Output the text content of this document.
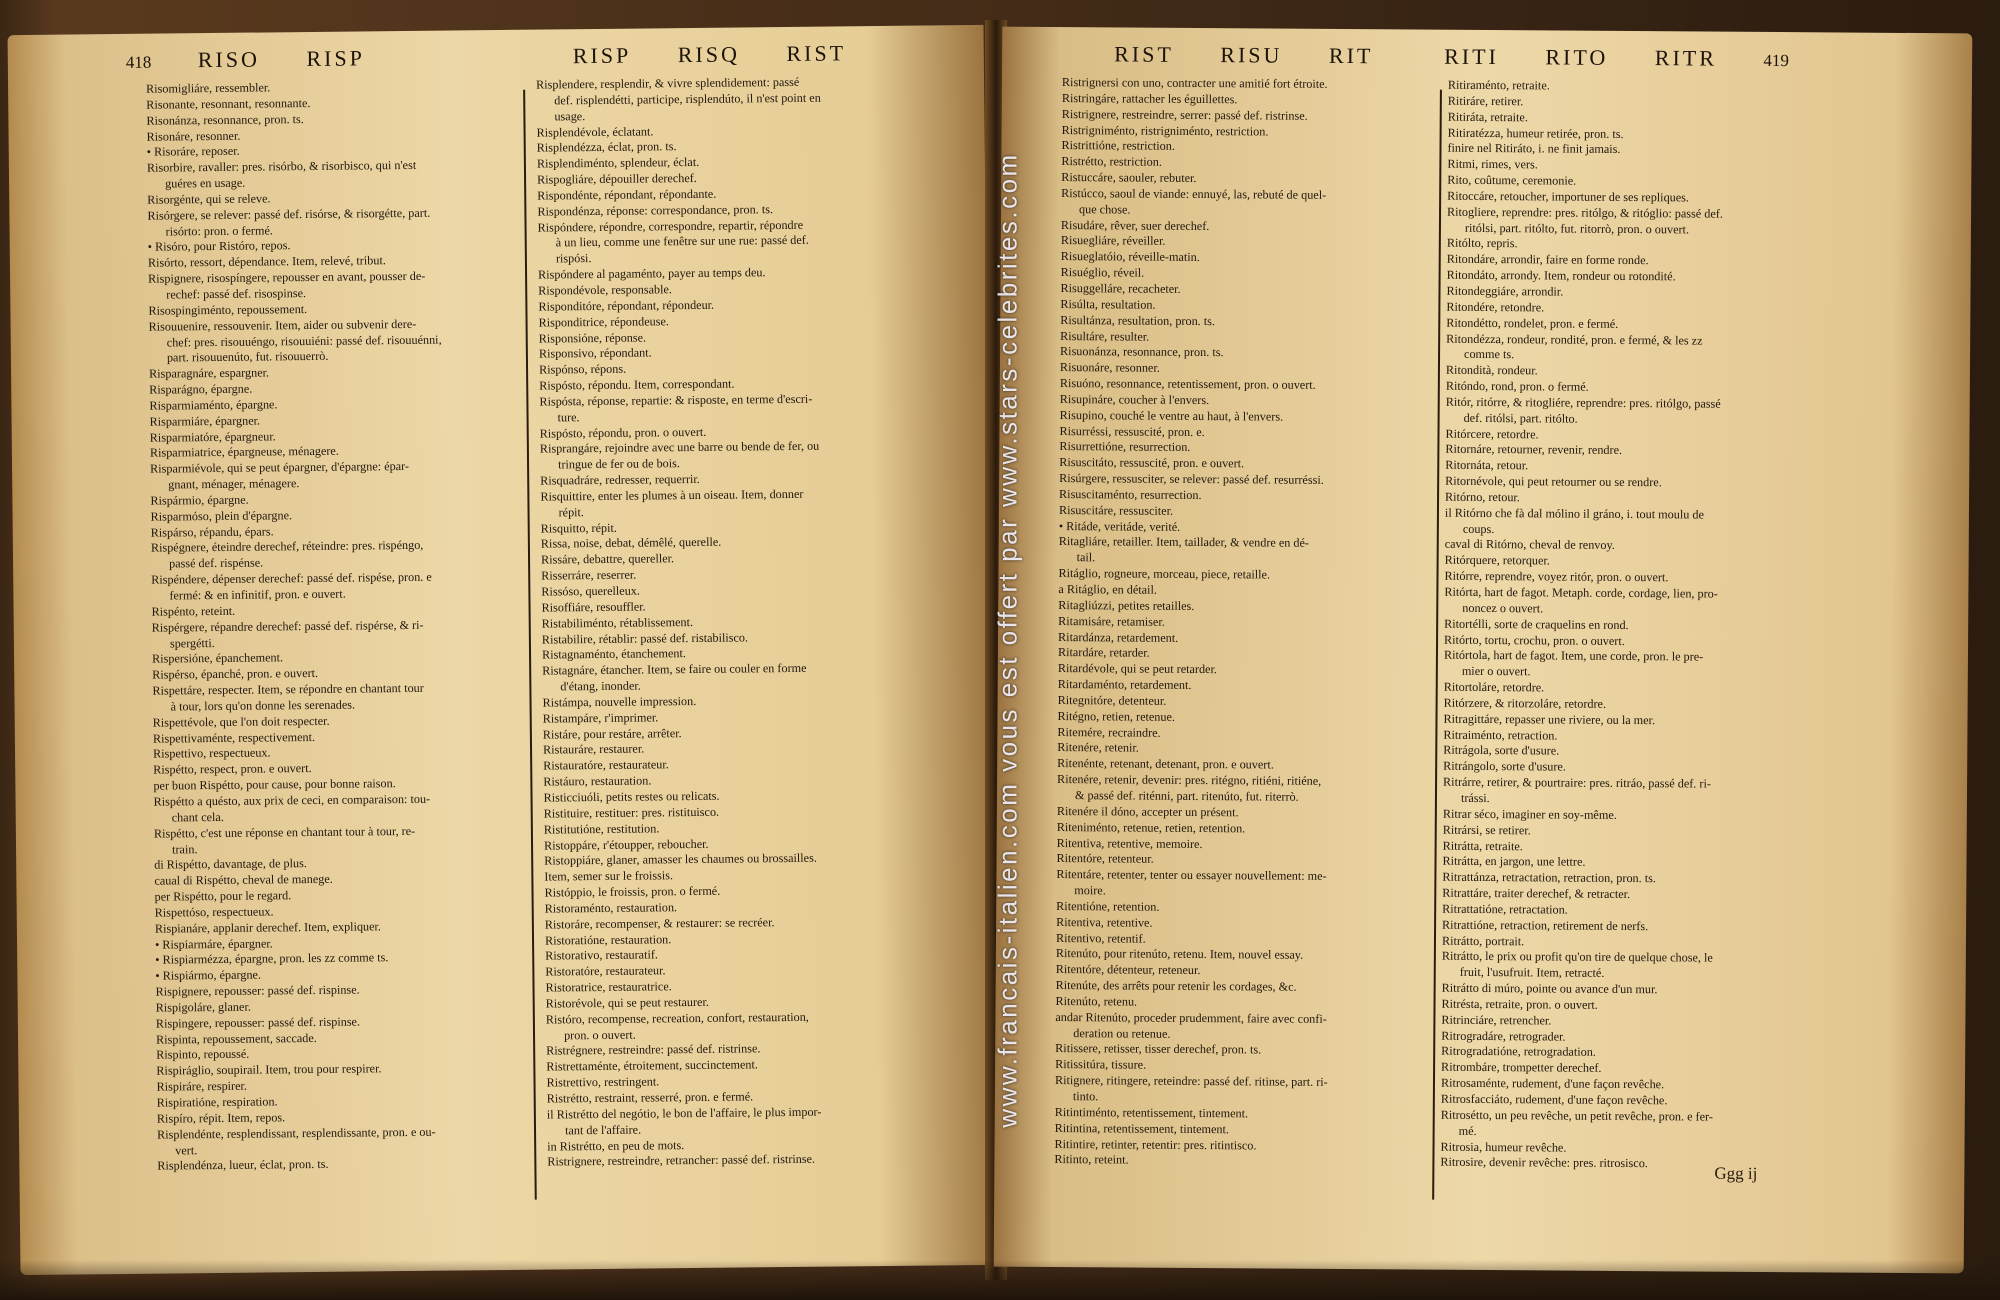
418 RISO RISP	RISP RISQ RIST
Risomigliáre, ressembler.
Risonante, resonnant, resonnante.
Risonánza, resonnance, pron. ts.
Risonáre, resonner.
• Risoráre, reposer.
Risorbire, ravaller: pres. risórbo, & risorbisco, qui n'est
guéres en usage.
Risorgénte, qui se releve.
Risórgere, se relever: passé def. risórse, & risorgétte, part.
risórto: pron. o fermé.
• Risóro, pour Ristóro, repos.
Risórto, ressort, dépendance. Item, relevé, tribut.
Rispignere, risospíngere, repousser en avant, pousser de-
rechef: passé def. risospinse.
Risospingiménto, repoussement.
Risouuenire, ressouvenir. Item, aider ou subvenir dere-
chef: pres. risouuéngo, risouuiéni: passé def. risouuénni,
part. risouuenúto, fut. risouuerrò.
Risparagnáre, espargner.
Risparágno, épargne.
Risparmiaménto, épargne.
Risparmiáre, épargner.
Risparmiatóre, épargneur.
Risparmiatrice, épargneuse, ménagere.
Risparmiévole, qui se peut épargner, d'épargne: épar-
gnant, ménager, ménagere.
Rispármio, épargne.
Risparmóso, plein d'épargne.
Rispárso, répandu, épars.
Rispégnere, éteindre derechef, réteindre: pres. rispéngo,
passé def. rispénse.
Rispéndere, dépenser derechef: passé def. rispése, pron. e
fermé: & en infinitif, pron. e ouvert.
Rispénto, reteint.
Rispérgere, répandre derechef: passé def. rispérse, & ri-
spergétti.
Rispersióne, épanchement.
Rispérso, épanché, pron. e ouvert.
Rispettáre, respecter. Item, se répondre en chantant tour
à tour, lors qu'on donne les serenades.
Rispettévole, que l'on doit respecter.
Rispettivaménte, respectivement.
Rispettivo, respectueux.
Rispétto, respect, pron. e ouvert.
per buon Rispétto, pour cause, pour bonne raison.
Rispétto a quésto, aux prix de ceci, en comparaison: tou-
chant cela.
Rispétto, c'est une réponse en chantant tour à tour, re-
train.
di Rispétto, davantage, de plus.
caual di Rispétto, cheval de manege.
per Rispétto, pour le regard.
Rispettóso, respectueux.
Rispianáre, applanir derechef. Item, expliquer.
• Rispiarmáre, épargner.
• Rispiarmézza, épargne, pron. les zz comme ts.
• Rispiármo, épargne.
Rispignere, repousser: passé def. rispinse.
Rispigoláre, glaner.
Rispingere, repousser: passé def. rispinse.
Rispinta, repoussement, saccade.
Rispinto, repoussé.
Rispiráglio, soupirail. Item, trou pour respirer.
Rispiráre, respirer.
Rispiratióne, respiration.
Rispíro, répit. Item, repos.
Risplendénte, resplendissant, resplendissante, pron. e ou-
vert.
Risplendénza, lueur, éclat, pron. ts.
Risplendere, resplendir, & vivre splendidement: passé
def. risplendétti, participe, risplendúto, il n'est point en
usage.
Risplendévole, éclatant.
Risplendézza, éclat, pron. ts.
Risplendiménto, splendeur, éclat.
Rispogliáre, dépouiller derechef.
Rispondénte, répondant, répondante.
Rispondénza, réponse: correspondance, pron. ts.
Rispóndere, répondre, correspondre, repartir, répondre
à un lieu, comme une fenêtre sur une rue: passé def.
rispósi.
Rispóndere al pagaménto, payer au temps deu.
Rispondévole, responsable.
Risponditóre, répondant, répondeur.
Risponditrice, répondeuse.
Risponsióne, réponse.
Risponsivo, répondant.
Rispónso, répons.
Rispósto, répondu. Item, correspondant.
Rispósta, réponse, repartie: & risposte, en terme d'escri-
ture.
Rispósto, répondu, pron. o ouvert.
Risprangáre, rejoindre avec une barre ou bende de fer, ou
tringue de fer ou de bois.
Risquadráre, redresser, requerrir.
Risquittire, enter les plumes à un oiseau. Item, donner
répit.
Risquitto, répit.
Rissa, noise, debat, démêlé, querelle.
Rissáre, debattre, quereller.
Risserráre, reserrer.
Rissóso, querelleux.
Risoffiáre, resouffler.
Ristabiliménto, rétablissement.
Ristabilire, rétablir: passé def. ristabilisco.
Ristagnaménto, étanchement.
Ristagnáre, étancher. Item, se faire ou couler en forme
d'étang, inonder.
Ristámpa, nouvelle impression.
Ristampáre, r'imprimer.
Ristáre, pour restáre, arrêter.
Ristauráre, restaurer.
Ristauratóre, restaurateur.
Ristáuro, restauration.
Risticciuóli, petits restes ou relicats.
Ristituire, restituer: pres. ristituisco.
Ristitutióne, restitution.
Ristoppáre, r'étoupper, reboucher.
Ristoppiáre, glaner, amasser les chaumes ou brossailles.
Item, semer sur le froissis.
Ristóppio, le froissis, pron. o fermé.
Ristoraménto, restauration.
Ristoráre, recompenser, & restaurer: se recréer.
Ristoratióne, restauration.
Ristorativo, restauratif.
Ristoratóre, restaurateur.
Ristoratrice, restauratrice.
Ristorévole, qui se peut restaurer.
Ristóro, recompense, recreation, confort, restauration,
pron. o ouvert.
Ristrégnere, restreindre: passé def. ristrinse.
Ristrettaménte, étroitement, succinctement.
Ristrettivo, restringent.
Ristrétto, restraint, resserré, pron. e fermé.
il Ristrétto del negótio, le bon de l'affaire, le plus impor-
tant de l'affaire.
in Ristrétto, en peu de mots.
Ristrignere, restreindre, retrancher: passé def. ristrinse.
RIST RISU RIT	RITI RITO RITR	419
Ristrignersi con uno, contracter une amitié fort étroite.
Ristringáre, rattacher les éguillettes.
Ristrignere, restreindre, serrer: passé def. ristrinse.
Ristrigniménto, ristrigniménto, restriction.
Ristrittióne, restriction.
Ristrétto, restriction.
Ristuccáre, saouler, rebuter.
Ristúcco, saoul de viande: ennuyé, las, rebuté de quel-
que chose.
Risudáre, rêver, suer derechef.
Risuegliáre, réveiller.
Risueglatóio, réveille-matin.
Risuéglio, réveil.
Risuggelláre, recacheter.
Risúlta, resultation.
Risultánza, resultation, pron. ts.
Risultáre, resulter.
Risuonánza, resonnance, pron. ts.
Risuonáre, resonner.
Risuóno, resonnance, retentissement, pron. o ouvert.
Risupináre, coucher à l'envers.
Risupino, couché le ventre au haut, à l'envers.
Risurréssi, ressuscité, pron. e.
Risurrettióne, resurrection.
Risuscitáto, ressuscité, pron. e ouvert.
Risúrgere, ressusciter, se relever: passé def. resurréssi.
Risuscitaménto, resurrection.
Risuscitáre, ressusciter.
• Ritáde, veritáde, verité.
Ritagliáre, retailler. Item, taillader, & vendre en dé-
tail.
Ritáglio, rogneure, morceau, piece, retaille.
a Ritáglio, en détail.
Ritagliúzzi, petites retailles.
Ritamisáre, retamiser.
Ritardánza, retardement.
Ritardáre, retarder.
Ritardévole, qui se peut retarder.
Ritardaménto, retardement.
Ritegnitóre, detenteur.
Ritégno, retien, retenue.
Ritemére, recraindre.
Ritenére, retenir.
Ritenénte, retenant, detenant, pron. e ouvert.
Ritenére, retenir, devenir: pres. ritégno, ritiéni, ritiéne,
& passé def. riténni, part. ritenúto, fut. riterrò.
Ritenére il dóno, accepter un présent.
Riteniménto, retenue, retien, retention.
Ritentiva, retentive, memoire.
Ritentóre, retenteur.
Ritentáre, retenter, tenter ou essayer nouvellement: me-
moire.
Ritentióne, retention.
Ritentiva, retentive.
Ritentivo, retentif.
Ritenúto, pour ritenúto, retenu. Item, nouvel essay.
Ritentóre, détenteur, reteneur.
Ritenúte, des arrêts pour retenir les cordages, &c.
Ritenúto, retenu.
andar Ritenúto, proceder prudemment, faire avec confi-
deration ou retenue.
Ritissere, retisser, tisser derechef, pron. ts.
Ritissitúra, tissure.
Ritignere, ritingere, reteindre: passé def. ritinse, part. ri-
tinto.
Ritintiménto, retentissement, tintement.
Ritintina, retentissement, tintement.
Ritintire, retinter, retentir: pres. ritintisco.
Ritinto, reteint.
Ritiraménto, retraite.
Ritiráre, retirer.
Ritiráta, retraite.
Ritiratézza, humeur retirée, pron. ts.
finire nel Ritiráto, i. ne finit jamais.
Ritmi, rimes, vers.
Rito, coûtume, ceremonie.
Ritoccáre, retoucher, importuner de ses repliques.
Ritogliere, reprendre: pres. ritólgo, & ritóglio: passé def.
ritólsi, part. ritólto, fut. ritorrò, pron. o ouvert.
Ritólto, repris.
Ritondáre, arrondir, faire en forme ronde.
Ritondáto, arrondy. Item, rondeur ou rotondité.
Ritondeggiáre, arrondir.
Ritondére, retondre.
Ritondétto, rondelet, pron. e fermé.
Ritondézza, rondeur, rondité, pron. e fermé, & les zz
comme ts.
Ritondità, rondeur.
Ritóndo, rond, pron. o fermé.
Ritór, ritórre, & ritogliére, reprendre: pres. ritólgo, passé
def. ritólsi, part. ritólto.
Ritórcere, retordre.
Ritornáre, retourner, revenir, rendre.
Ritornáta, retour.
Ritornévole, qui peut retourner ou se rendre.
Ritórno, retour.
il Ritórno che fà dal mólino il gráno, i. tout moulu de
coups.
caval di Ritórno, cheval de renvoy.
Ritórquere, retorquer.
Ritórre, reprendre, voyez ritór, pron. o ouvert.
Ritórta, hart de fagot. Metaph. corde, cordage, lien, pro-
noncez o ouvert.
Ritortélli, sorte de craquelins en rond.
Ritórto, tortu, crochu, pron. o ouvert.
Ritórtola, hart de fagot. Item, une corde, pron. le pre-
mier o ouvert.
Ritortoláre, retordre.
Ritórzere, & ritorzoláre, retordre.
Ritragittáre, repasser une riviere, ou la mer.
Ritraiménto, retraction.
Ritrágola, sorte d'usure.
Ritrángolo, sorte d'usure.
Ritrárre, retirer, & pourtraire: pres. ritráo, passé def. ri-
trássi.
Ritrar séco, imaginer en soy-même.
Ritrársi, se retirer.
Ritrátta, retraite.
Ritrátta, en jargon, une lettre.
Ritrattánza, retractation, retraction, pron. ts.
Ritrattáre, traiter derechef, & retracter.
Ritrattatióne, retractation.
Ritrattióne, retraction, retirement de nerfs.
Ritrátto, portrait.
Ritrátto, le prix ou profit qu'on tire de quelque chose, le
fruit, l'usufruit. Item, retracté.
Ritrátto di múro, pointe ou avance d'un mur.
Ritrésta, retraite, pron. o ouvert.
Ritrinciáre, retrencher.
Ritrogradáre, retrograder.
Ritrogradatióne, retrogradation.
Ritrombáre, trompetter derechef.
Ritrosaménte, rudement, d'une façon revêche.
Ritrosfacciáto, rudement, d'une façon revêche.
Ritrosétto, un peu revêche, un petit revêche, pron. e fer-
mé.
Ritrosia, humeur revêche.
Ritrosire, devenir revêche: pres. ritrosisco.
Ggg ij
www.francais-italien.com vous est offert par www.stars-celebrites.com
